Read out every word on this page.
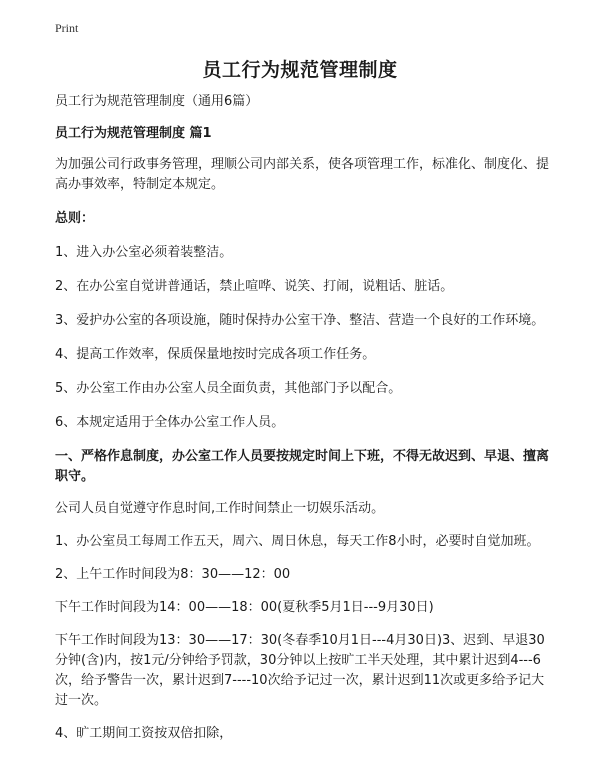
Print
员工行为规范管理制度

员工行为规范管理制度（通用6篇）

员工行为规范管理制度 篇1

为加强公司行政事务管理，理顺公司内部关系，使各项管理工作，标准化、制度化、提高办事效率，特制定本规定。

总则：

1、进入办公室必须着装整洁。

2、在办公室自觉讲普通话，禁止喧哗、说笑、打闹，说粗话、脏话。

3、爱护办公室的各项设施，随时保持办公室干净、整洁、营造一个良好的工作环境。

4、提高工作效率，保质保量地按时完成各项工作任务。

5、办公室工作由办公室人员全面负责，其他部门予以配合。

6、本规定适用于全体办公室工作人员。

一、严格作息制度，办公室工作人员要按规定时间上下班，不得无故迟到、早退、擅离职守。

公司人员自觉遵守作息时间,工作时间禁止一切娱乐活动。

1、办公室员工每周工作五天，周六、周日休息，每天工作8小时，必要时自觉加班。

2、上午工作时间段为8：30——12：00

下午工作时间段为14：00——18：00(夏秋季5月1日---9月30日)

下午工作时间段为13：30——17：30(冬春季10月1日---4月30日)3、迟到、早退30分钟(含)内，按1元/分钟给予罚款，30分钟以上按旷工半天处理，其中累计迟到4---6次，给予警告一次，累计迟到7----10次给予记过一次，累计迟到11次或更多给予记大过一次。

4、旷工期间工资按双倍扣除，
